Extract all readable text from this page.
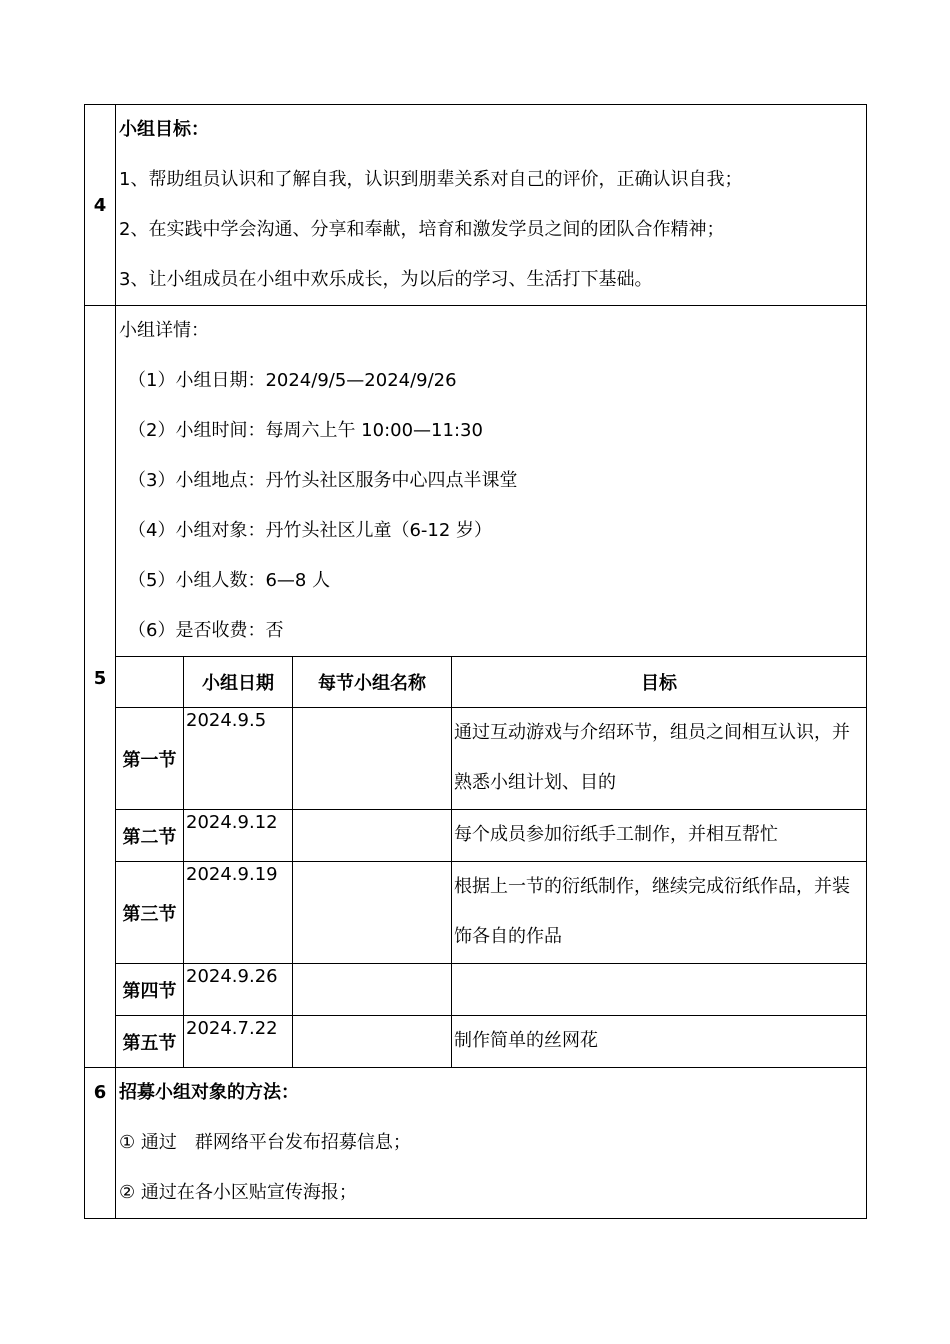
4	
小组目标：
1、帮助组员认识和了解自我，认识到朋辈关系对自己的评价，正确认识自我；
2、在实践中学会沟通、分享和奉献，培育和激发学员之间的团队合作精神；
3、让小组成员在小组中欢乐成长，为以后的学习、生活打下基础。

5	
小组详情：
（1）小组日期：2024/9/5—2024/9/26
（2）小组时间：每周六上午 10:00—11:30
（3）小组地点：丹竹头社区服务中心四点半课堂
（4）小组对象：丹竹头社区儿童（6-12 岁）
（5）小组人数：6—8 人
（6）是否收费：否
	小组日期	每节小组名称	目标
第一节	2024.9.5		通过互动游戏与介绍环节，组员之间相互认识，并熟悉小组计划、目的
第二节	2024.9.12		每个成员参加衍纸手工制作，并相互帮忙
第三节	2024.9.19		根据上一节的衍纸制作，继续完成衍纸作品，并装饰各自的作品
第四节	2024.9.26		
第五节	2024.7.22		制作简单的丝网花

6	招募小组对象的方法：
① 通过　群网络平台发布招募信息；
② 通过在各小区贴宣传海报；
